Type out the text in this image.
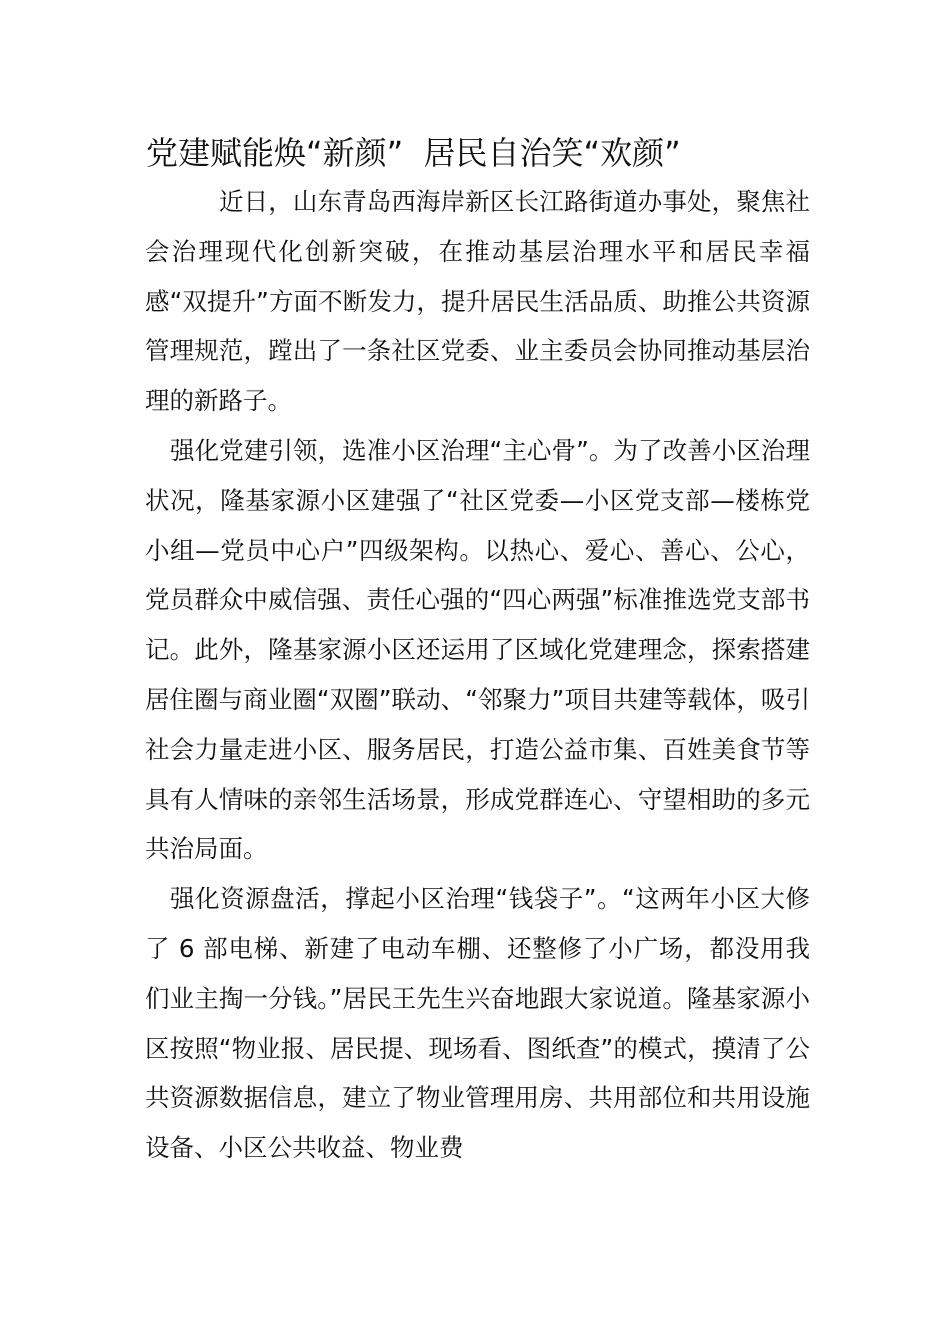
党建赋能焕“新颜”  居民自治笑“欢颜”

近日，山东青岛西海岸新区长江路街道办事处，聚焦社会治理现代化创新突破，在推动基层治理水平和居民幸福感“双提升”方面不断发力，提升居民生活品质、助推公共资源管理规范，蹚出了一条社区党委、业主委员会协同推动基层治理的新路子。

强化党建引领，选准小区治理“主心骨”。为了改善小区治理状况，隆基家源小区建强了“社区党委—小区党支部—楼栋党小组—党员中心户”四级架构。以热心、爱心、善心、公心，党员群众中威信强、责任心强的“四心两强”标准推选党支部书记。此外，隆基家源小区还运用了区域化党建理念，探索搭建居住圈与商业圈“双圈”联动、“邻聚力”项目共建等载体，吸引社会力量走进小区、服务居民，打造公益市集、百姓美食节等具有人情味的亲邻生活场景，形成党群连心、守望相助的多元共治局面。

强化资源盘活，撑起小区治理“钱袋子”。“这两年小区大修了 6 部电梯、新建了电动车棚、还整修了小广场，都没用我们业主掏一分钱。”居民王先生兴奋地跟大家说道。隆基家源小区按照“物业报、居民提、现场看、图纸查”的模式，摸清了公共资源数据信息，建立了物业管理用房、共用部位和共用设施设备、小区公共收益、物业费
